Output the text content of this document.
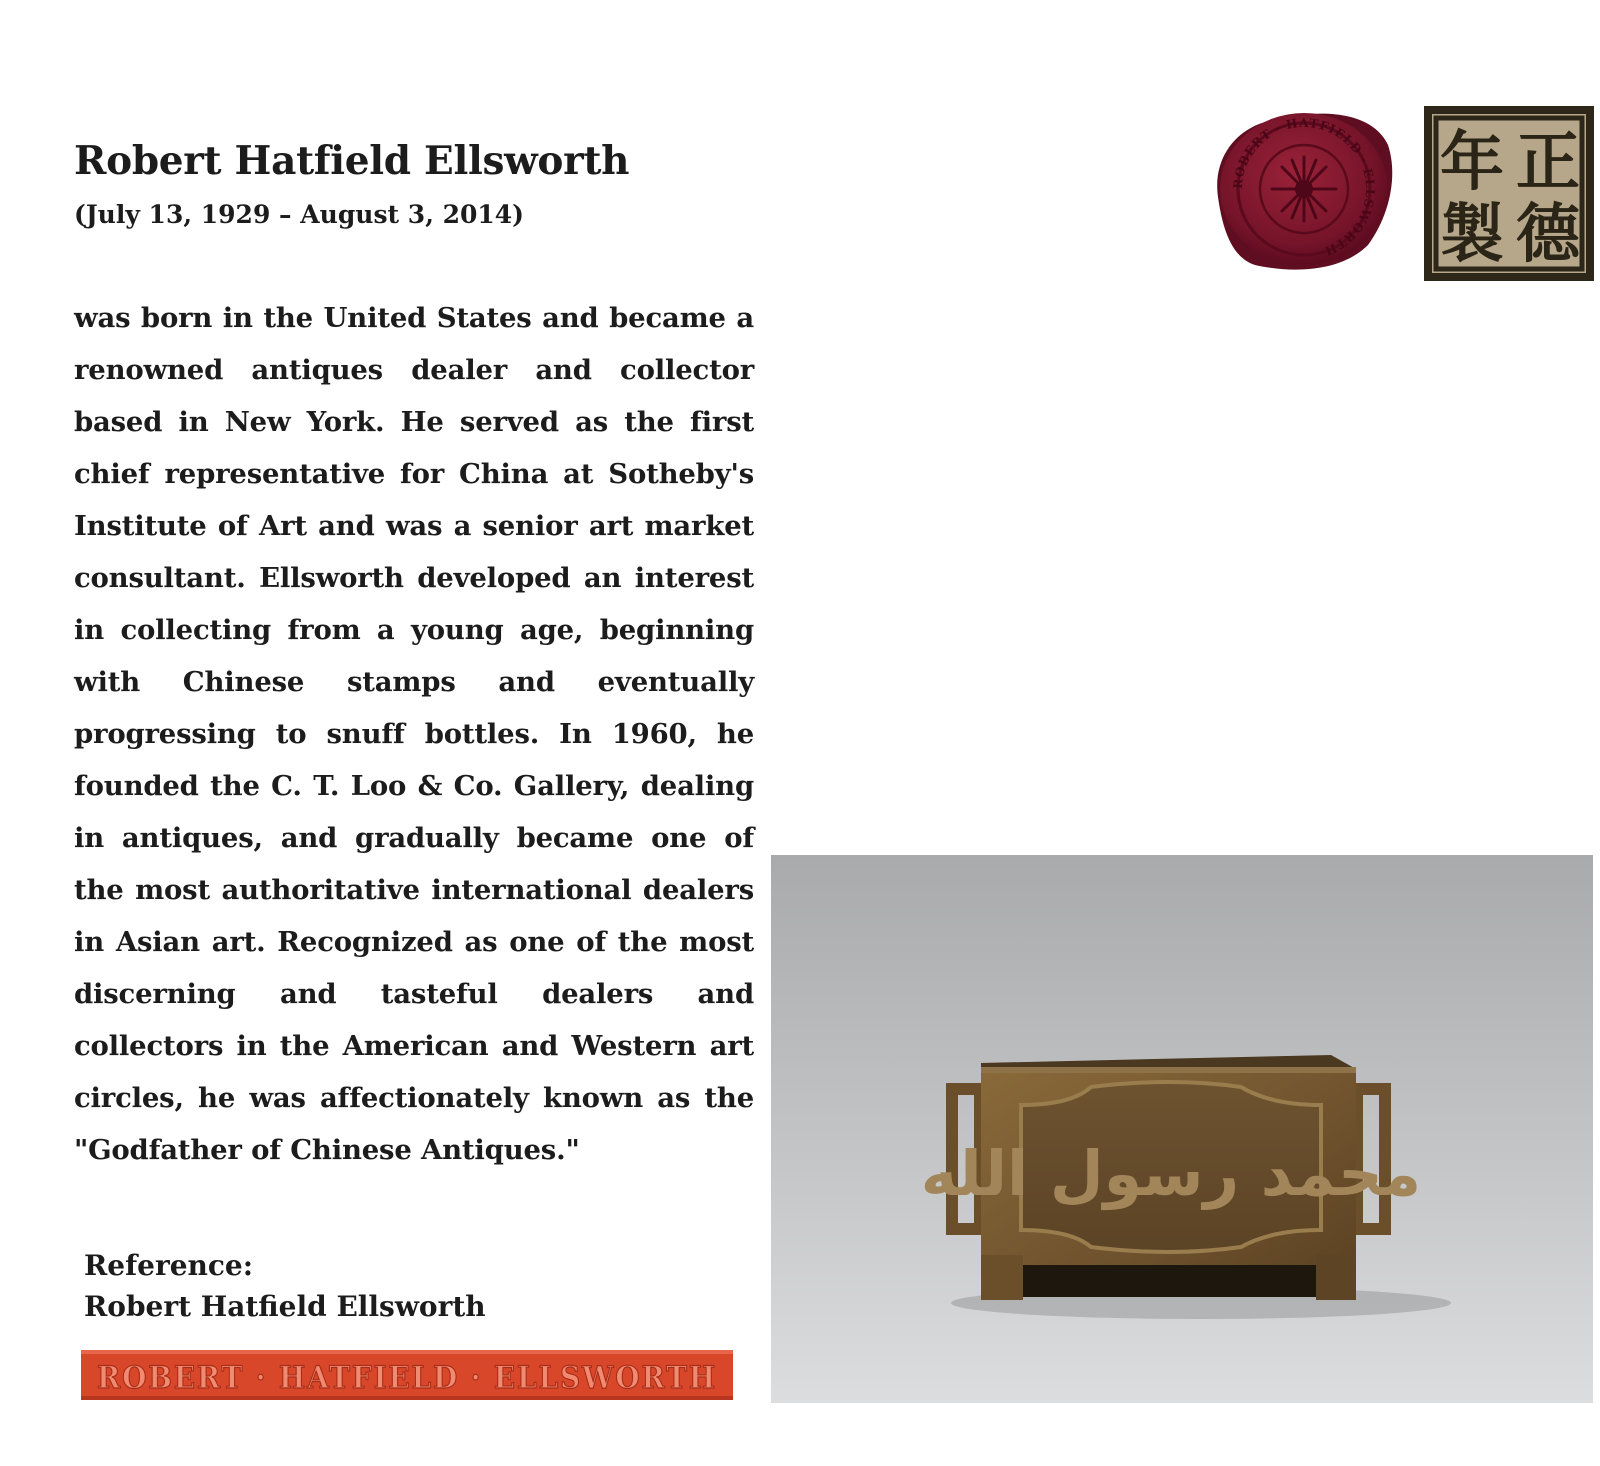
Robert Hatfield Ellsworth
(July 13, 1929 – August 3, 2014)

was born in the United States and became a renowned antiques dealer and collector based in New York. He served as the first chief representative for China at Sotheby's Institute of Art and was a senior art market consultant. Ellsworth developed an interest in collecting from a young age, beginning with Chinese stamps and eventually progressing to snuff bottles. In 1960, he founded the C. T. Loo & Co. Gallery, dealing in antiques, and gradually became one of the most authoritative international dealers in Asian art. Recognized as one of the most discerning and tasteful dealers and collectors in the American and Western art circles, he was affectionately known as the "Godfather of Chinese Antiques."

Reference:
Robert Hatfield Ellsworth
ROBERT · HATFIELD · ELLSWORTH
正
德
年
製
محمد رسول الله
ROBERT · HATFIELD · ELLSWORTH
